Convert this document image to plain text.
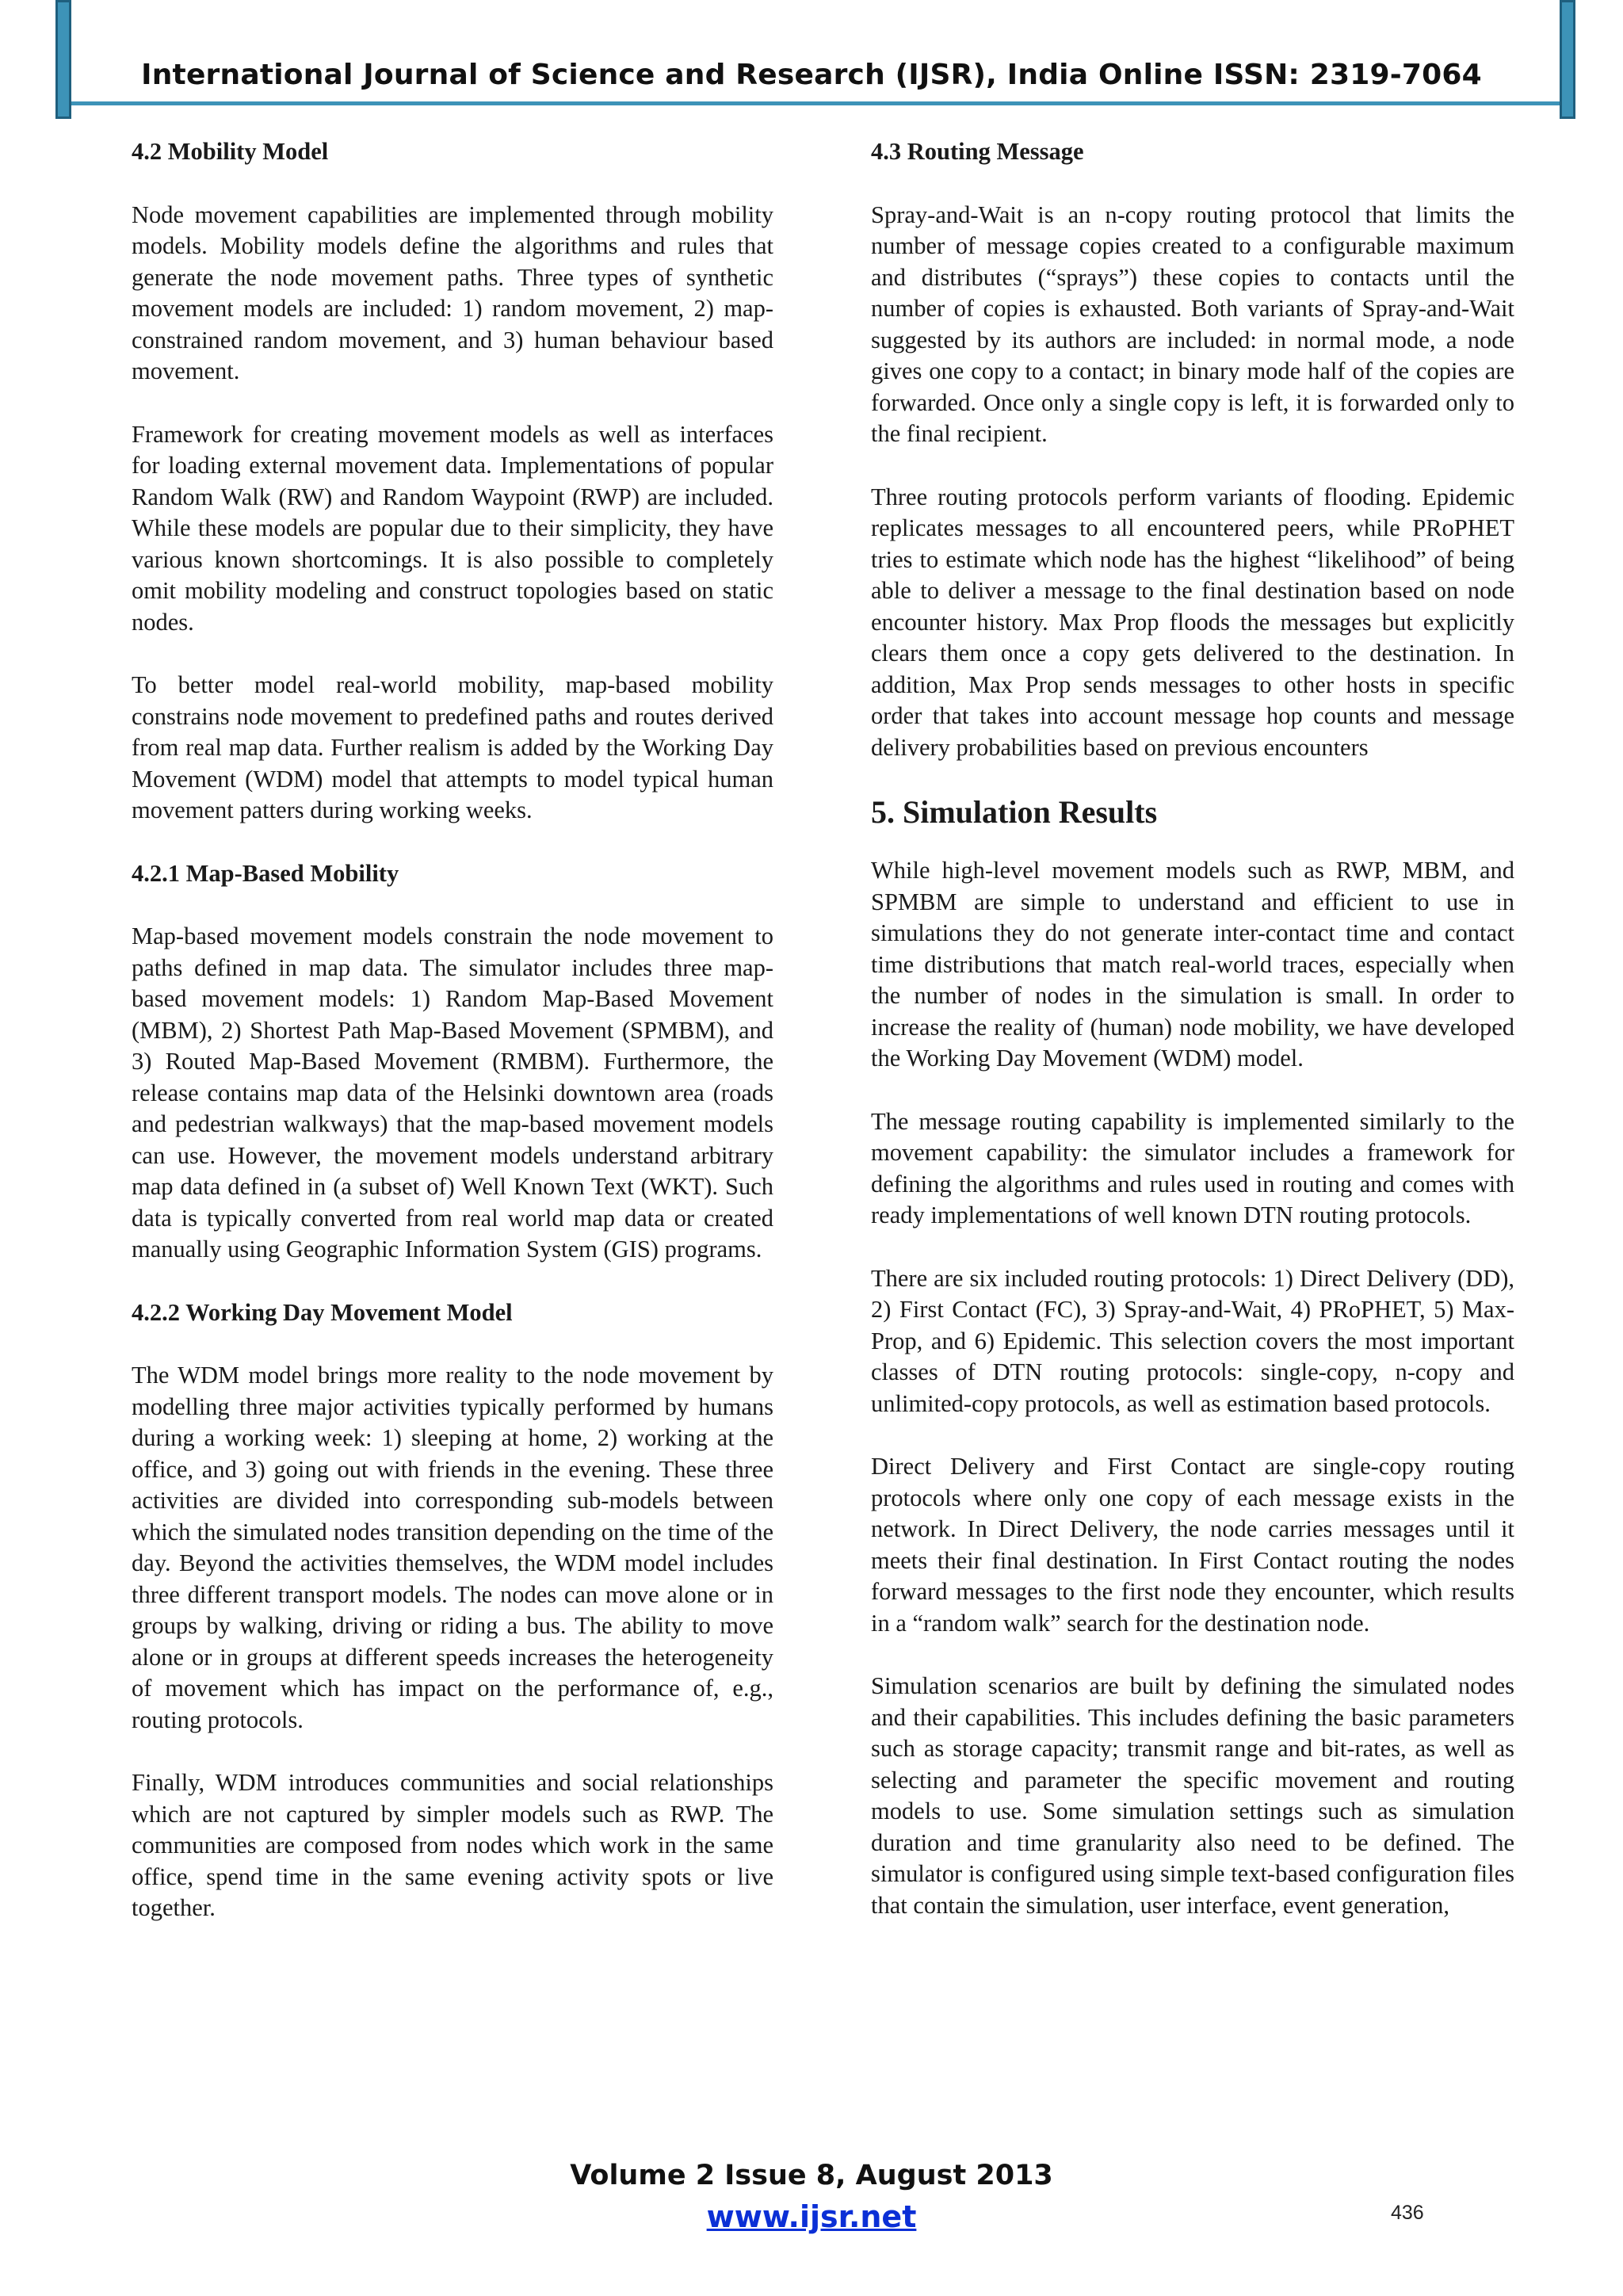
International Journal of Science and Research (IJSR), India Online ISSN: 2319-7064
4.2 Mobility Model

Node movement capabilities are implemented through mobility models. Mobility models define the algorithms and rules that generate the node movement paths. Three types of synthetic movement models are included: 1) random movement, 2) map-constrained random movement, and 3) human behaviour based movement.

Framework for creating movement models as well as interfaces for loading external movement data. Implementations of popular Random Walk (RW) and Random Waypoint (RWP) are included. While these models are popular due to their simplicity, they have various known shortcomings. It is also possible to completely omit mobility modeling and construct topologies based on static nodes.

To better model real-world mobility, map-based mobility constrains node movement to predefined paths and routes derived from real map data. Further realism is added by the Working Day Movement (WDM) model that attempts to model typical human movement patters during working weeks.

4.2.1 Map-Based Mobility

Map-based movement models constrain the node movement to paths defined in map data. The simulator includes three map-based movement models: 1) Random Map-Based Movement (MBM), 2) Shortest Path Map-Based Movement (SPMBM), and 3) Routed Map-Based Movement (RMBM). Furthermore, the release contains map data of the Helsinki downtown area (roads and pedestrian walkways) that the map-based movement models can use. However, the movement models understand arbitrary map data defined in (a subset of) Well Known Text (WKT). Such data is typically converted from real world map data or created manually using Geographic Information System (GIS) programs.

4.2.2 Working Day Movement Model

The WDM model brings more reality to the node movement by modelling three major activities typically performed by humans during a working week: 1) sleeping at home, 2) working at the office, and 3) going out with friends in the evening. These three activities are divided into corresponding sub-models between which the simulated nodes transition depending on the time of the day. Beyond the activities themselves, the WDM model includes three different transport models. The nodes can move alone or in groups by walking, driving or riding a bus. The ability to move alone or in groups at different speeds increases the heterogeneity of movement which has impact on the performance of, e.g., routing protocols.

Finally, WDM introduces communities and social relationships which are not captured by simpler models such as RWP. The communities are composed from nodes which work in the same office, spend time in the same evening activity spots or live together.

4.3 Routing Message

Spray-and-Wait is an n-copy routing protocol that limits the number of message copies created to a configurable maximum and distributes (“sprays”) these copies to contacts until the number of copies is exhausted. Both variants of Spray-and-Wait suggested by its authors are included: in normal mode, a node gives one copy to a contact; in binary mode half of the copies are forwarded. Once only a single copy is left, it is forwarded only to the final recipient.

Three routing protocols perform variants of flooding. Epidemic replicates messages to all encountered peers, while PRoPHET tries to estimate which node has the highest “likelihood” of being able to deliver a message to the final destination based on node encounter history. Max Prop floods the messages but explicitly clears them once a copy gets delivered to the destination. In addition, Max Prop sends messages to other hosts in specific order that takes into account message hop counts and message delivery probabilities based on previous encounters

5. Simulation Results

While high-level movement models such as RWP, MBM, and SPMBM are simple to understand and efficient to use in simulations they do not generate inter-contact time and contact time distributions that match real-world traces, especially when the number of nodes in the simulation is small. In order to increase the reality of (human) node mobility, we have developed the Working Day Movement (WDM) model.

The message routing capability is implemented similarly to the movement capability: the simulator includes a framework for defining the algorithms and rules used in routing and comes with ready implementations of well known DTN routing protocols.

There are six included routing protocols: 1) Direct Delivery (DD), 2) First Contact (FC), 3) Spray-and-Wait, 4) PRoPHET, 5) Max-Prop, and 6) Epidemic. This selection covers the most important classes of DTN routing protocols: single-copy, n-copy and unlimited-copy protocols, as well as estimation based protocols.

Direct Delivery and First Contact are single-copy routing protocols where only one copy of each message exists in the network. In Direct Delivery, the node carries messages until it meets their final destination. In First Contact routing the nodes forward messages to the first node they encounter, which results in a “random walk” search for the destination node.

Simulation scenarios are built by defining the simulated nodes and their capabilities. This includes defining the basic parameters such as storage capacity; transmit range and bit-rates, as well as selecting and parameter the specific movement and routing models to use. Some simulation settings such as simulation duration and time granularity also need to be defined. The simulator is configured using simple text-based configuration files that contain the simulation, user interface, event generation,

Volume 2 Issue 8, August 2013

www.ijsr.net	436
